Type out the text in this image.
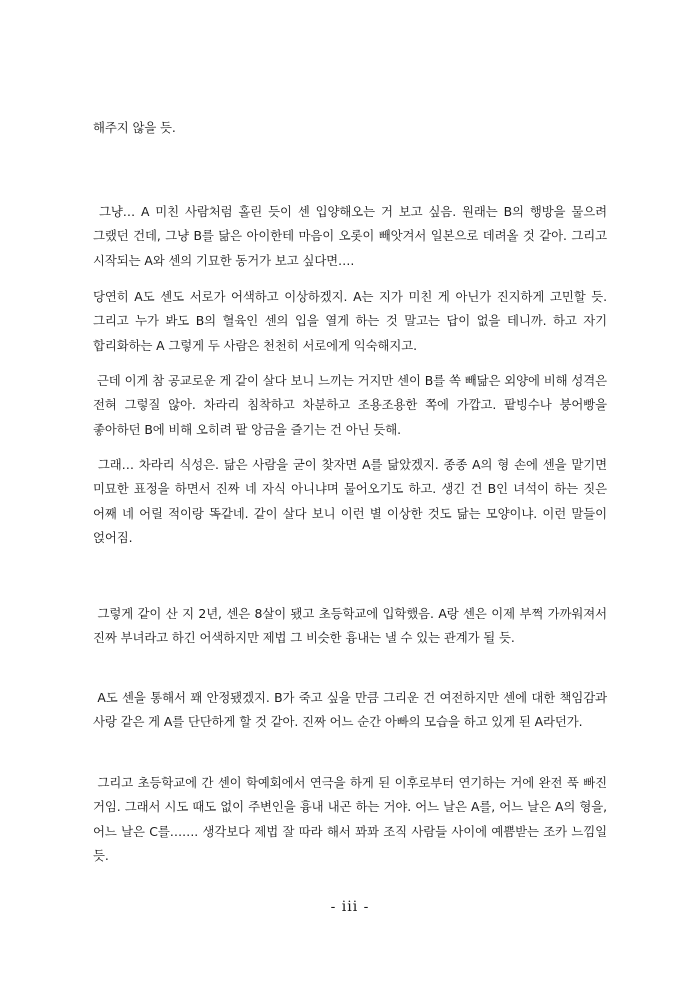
해주지 않을 듯.
그냥… A 미친 사람처럼 홀린 듯이 센 입양해오는 거 보고 싶음. 원래는 B의 행방을 물으려 그랬던 건데, 그냥 B를 닮은 아이한테 마음이 오롯이 빼앗겨서 일본으로 데려올 것 같아. 그리고 시작되는 A와 센의 기묘한 동거가 보고 싶다면….
당연히 A도 센도 서로가 어색하고 이상하겠지. A는 지가 미친 게 아닌가 진지하게 고민할 듯. 그리고 누가 봐도 B의 혈육인 센의 입을 열게 하는 것 말고는 답이 없을 테니까. 하고 자기 합리화하는 A 그렇게 두 사람은 천천히 서로에게 익숙해지고.
근데 이게 참 공교로운 게 같이 살다 보니 느끼는 거지만 센이 B를 쏙 빼닮은 외양에 비해 성격은 전혀 그렇질 않아. 차라리 침착하고 차분하고 조용조용한 쪽에 가깝고. 팥빙수나 붕어빵을 좋아하던 B에 비해 오히려 팥 앙금을 즐기는 건 아닌 듯해.
그래… 차라리 식성은. 닮은 사람을 굳이 찾자면 A를 닮았겠지. 종종 A의 형 손에 센을 맡기면 미묘한 표정을 하면서 진짜 네 자식 아니냐며 물어오기도 하고. 생긴 건 B인 녀석이 하는 짓은 어째 네 어릴 적이랑 똑같네. 같이 살다 보니 이런 별 이상한 것도 닮는 모양이냐. 이런 말들이 얹어짐.
그렇게 같이 산 지 2년, 센은 8살이 됐고 초등학교에 입학했음. A랑 센은 이제 부쩍 가까워져서 진짜 부녀라고 하긴 어색하지만 제법 그 비슷한 흉내는 낼 수 있는 관계가 될 듯.
A도 센을 통해서 꽤 안정됐겠지. B가 죽고 싶을 만큼 그리운 건 여전하지만 센에 대한 책임감과 사랑 같은 게 A를 단단하게 할 것 같아. 진짜 어느 순간 아빠의 모습을 하고 있게 된 A라던가.
그리고 초등학교에 간 센이 학예회에서 연극을 하게 된 이후로부터 연기하는 거에 완전 푹 빠진 거임. 그래서 시도 때도 없이 주변인을 흉내 내곤 하는 거야. 어느 날은 A를, 어느 날은 A의 형을, 어느 날은 C를……. 생각보다 제법 잘 따라 해서 꽈꽈 조직 사람들 사이에 예쁨받는 조카 느낌일 듯.
- iii -
